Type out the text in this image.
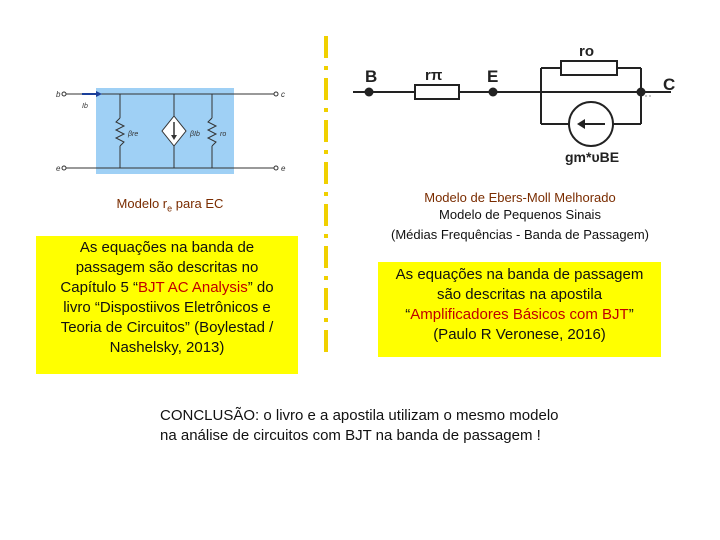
b
e
c
e
Ib
βre	βIb	ro
B	E	C
rπ
ro
gm*υBE
Modelo $r_e$ para EC	Modelo de Ebers-Moll Melhorado
Modelo de Pequenos Sinais
(Médias Frequências - Banda de Passagem)
As equações na banda de
passagem são descritas no
Capítulo 5 “BJT AC Analysis” do
livro “Dispostiivos Eletrônicos e
Teoria de Circuitos” (Boylestad /
Nashelsky, 2013)
As equações na banda de passagem
são descritas na apostila
“Amplificadores Básicos com BJT”
(Paulo R Veronese, 2016)
CONCLUSÃO: o livro e a apostila utilizam o mesmo modelo
na análise de circuitos com BJT na banda de passagem !
